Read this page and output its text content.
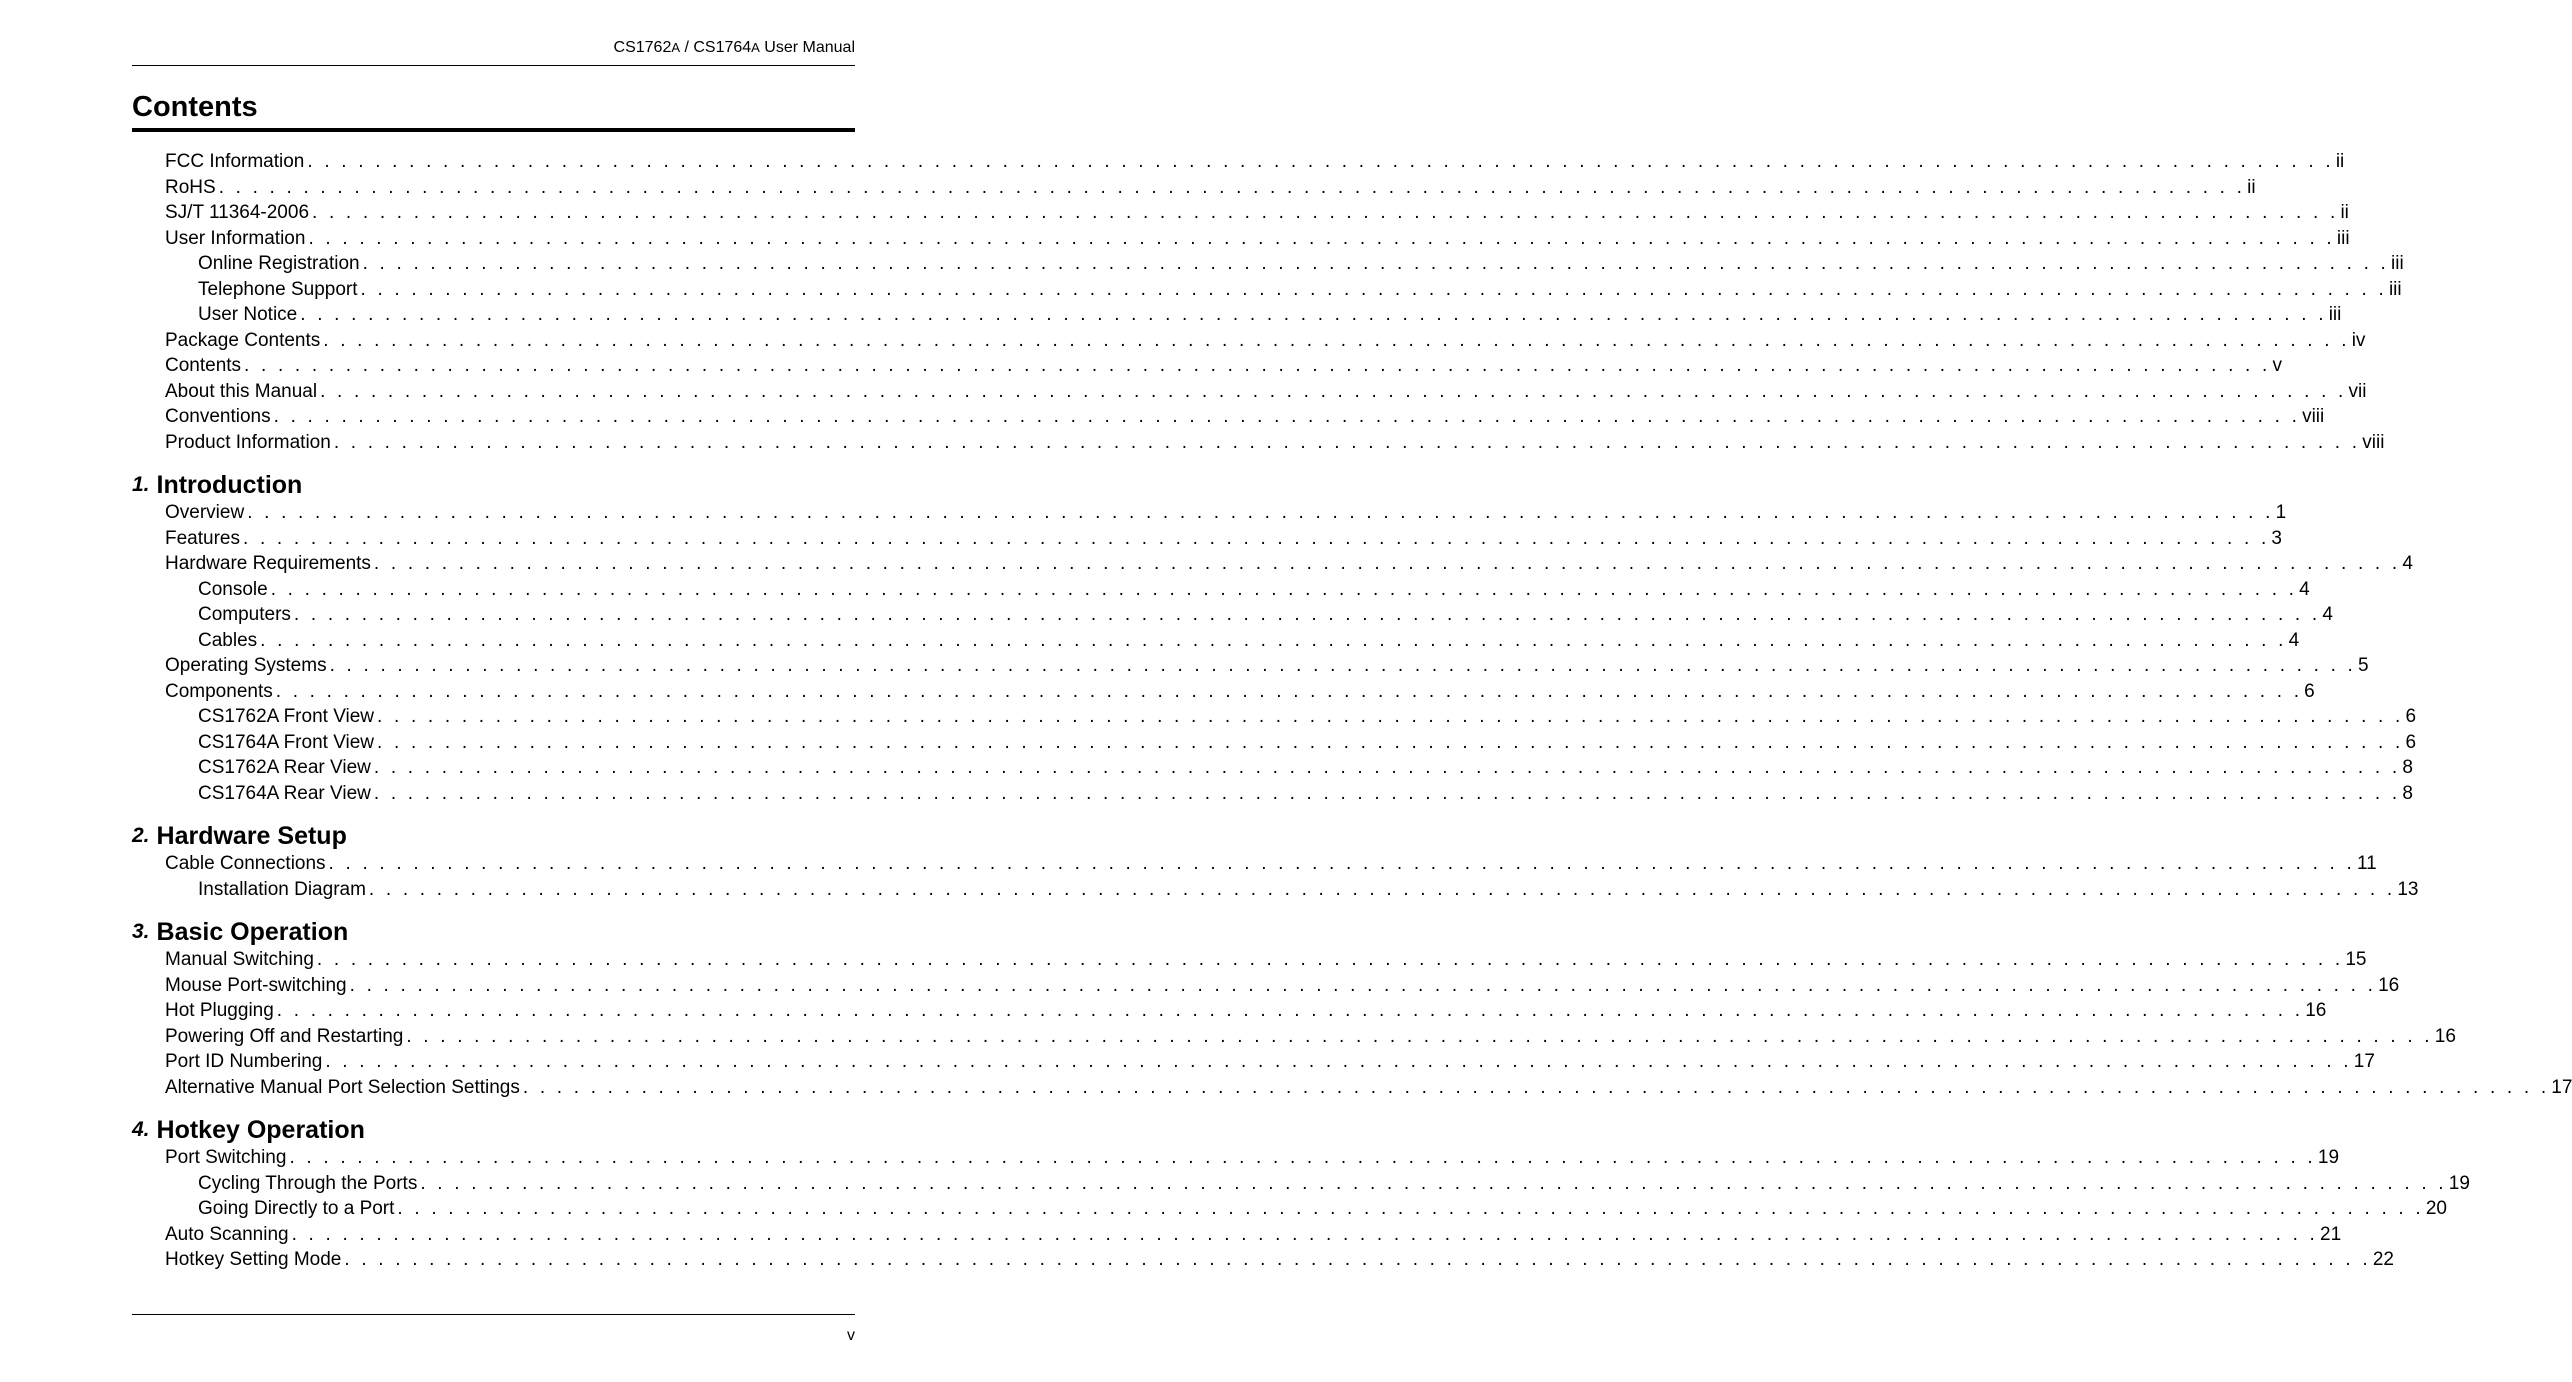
CS1762A / CS1764A User Manual
Contents
FCC Information . . . . . . . . . . . . . . . . . . . . . . . . . . . . . . . . . . . . . . . . . . . . . . . . . . . . . . . . . . . . . . . . . . . . . . . . . . . . . . . . . . . . . . . . . . . . . . . . . . . . . . . . . . . . . . . . . . . . . . . . ii
RoHS . . . . . . . . . . . . . . . . . . . . . . . . . . . . . . . . . . . . . . . . . . . . . . . . . . . . . . . . . . . . . . . . . . . . . . . . . . . . . . . . . . . . . . . . . . . . . . . . . . . . . . . . . . . . . . . . . . . . . . . . ii
SJ/T 11364-2006 . . . . . . . . . . . . . . . . . . . . . . . . . . . . . . . . . . . . . . . . . . . . . . . . . . . . . . . . . . . . . . . . . . . . . . . . . . . . . . . . . . . . . . . . . . . . . . . . . . . . . . . . . . . . . . . . . . . . . . . . ii
User Information . . . . . . . . . . . . . . . . . . . . . . . . . . . . . . . . . . . . . . . . . . . . . . . . . . . . . . . . . . . . . . . . . . . . . . . . . . . . . . . . . . . . . . . . . . . . . . . . . . . . . . . . . . . . . . . . . . . . . . . . iii
Online Registration . . . . . . . . . . . . . . . . . . . . . . . . . . . . . . . . . . . . . . . . . . . . . . . . . . . . . . . . . . . . . . . . . . . . . . . . . . . . . . . . . . . . . . . . . . . . . . . . . . . . . . . . . . . . . . . . . . . . . . . . iii
Telephone Support . . . . . . . . . . . . . . . . . . . . . . . . . . . . . . . . . . . . . . . . . . . . . . . . . . . . . . . . . . . . . . . . . . . . . . . . . . . . . . . . . . . . . . . . . . . . . . . . . . . . . . . . . . . . . . . . . . . . . . . . iii
User Notice . . . . . . . . . . . . . . . . . . . . . . . . . . . . . . . . . . . . . . . . . . . . . . . . . . . . . . . . . . . . . . . . . . . . . . . . . . . . . . . . . . . . . . . . . . . . . . . . . . . . . . . . . . . . . . . . . . . . . . . . iii
Package Contents . . . . . . . . . . . . . . . . . . . . . . . . . . . . . . . . . . . . . . . . . . . . . . . . . . . . . . . . . . . . . . . . . . . . . . . . . . . . . . . . . . . . . . . . . . . . . . . . . . . . . . . . . . . . . . . . . . . . . . . . iv
Contents . . . . . . . . . . . . . . . . . . . . . . . . . . . . . . . . . . . . . . . . . . . . . . . . . . . . . . . . . . . . . . . . . . . . . . . . . . . . . . . . . . . . . . . . . . . . . . . . . . . . . . . . . . . . . . . . . . . . . . . . v
About this Manual . . . . . . . . . . . . . . . . . . . . . . . . . . . . . . . . . . . . . . . . . . . . . . . . . . . . . . . . . . . . . . . . . . . . . . . . . . . . . . . . . . . . . . . . . . . . . . . . . . . . . . . . . . . . . . . . . . . . . . . . vii
Conventions . . . . . . . . . . . . . . . . . . . . . . . . . . . . . . . . . . . . . . . . . . . . . . . . . . . . . . . . . . . . . . . . . . . . . . . . . . . . . . . . . . . . . . . . . . . . . . . . . . . . . . . . . . . . . . . . . . . . . . . . viii
Product Information . . . . . . . . . . . . . . . . . . . . . . . . . . . . . . . . . . . . . . . . . . . . . . . . . . . . . . . . . . . . . . . . . . . . . . . . . . . . . . . . . . . . . . . . . . . . . . . . . . . . . . . . . . . . . . . . . . . . . . . . viii
1. Introduction
Overview . . . . . . . . . . . . . . . . . . . . . . . . . . . . . . . . . . . . . . . . . . . . . . . . . . . . . . . . . . . . . . . . . . . . . . . . . . . . . . . . . . . . . . . . . . . . . . . . . . . . . . . . . . . . . . . . . . . . . . . . 1
Features . . . . . . . . . . . . . . . . . . . . . . . . . . . . . . . . . . . . . . . . . . . . . . . . . . . . . . . . . . . . . . . . . . . . . . . . . . . . . . . . . . . . . . . . . . . . . . . . . . . . . . . . . . . . . . . . . . . . . . . . 3
Hardware Requirements . . . . . . . . . . . . . . . . . . . . . . . . . . . . . . . . . . . . . . . . . . . . . . . . . . . . . . . . . . . . . . . . . . . . . . . . . . . . . . . . . . . . . . . . . . . . . . . . . . . . . . . . . . . . . . . . . . . . . . . . 4
Console . . . . . . . . . . . . . . . . . . . . . . . . . . . . . . . . . . . . . . . . . . . . . . . . . . . . . . . . . . . . . . . . . . . . . . . . . . . . . . . . . . . . . . . . . . . . . . . . . . . . . . . . . . . . . . . . . . . . . . . . 4
Computers . . . . . . . . . . . . . . . . . . . . . . . . . . . . . . . . . . . . . . . . . . . . . . . . . . . . . . . . . . . . . . . . . . . . . . . . . . . . . . . . . . . . . . . . . . . . . . . . . . . . . . . . . . . . . . . . . . . . . . . . 4
Cables . . . . . . . . . . . . . . . . . . . . . . . . . . . . . . . . . . . . . . . . . . . . . . . . . . . . . . . . . . . . . . . . . . . . . . . . . . . . . . . . . . . . . . . . . . . . . . . . . . . . . . . . . . . . . . . . . . . . . . . . 4
Operating Systems . . . . . . . . . . . . . . . . . . . . . . . . . . . . . . . . . . . . . . . . . . . . . . . . . . . . . . . . . . . . . . . . . . . . . . . . . . . . . . . . . . . . . . . . . . . . . . . . . . . . . . . . . . . . . . . . . . . . . . . . 5
Components . . . . . . . . . . . . . . . . . . . . . . . . . . . . . . . . . . . . . . . . . . . . . . . . . . . . . . . . . . . . . . . . . . . . . . . . . . . . . . . . . . . . . . . . . . . . . . . . . . . . . . . . . . . . . . . . . . . . . . . . 6
CS1762A Front View . . . . . . . . . . . . . . . . . . . . . . . . . . . . . . . . . . . . . . . . . . . . . . . . . . . . . . . . . . . . . . . . . . . . . . . . . . . . . . . . . . . . . . . . . . . . . . . . . . . . . . . . . . . . . . . . . . . . . . . . 6
CS1764A Front View . . . . . . . . . . . . . . . . . . . . . . . . . . . . . . . . . . . . . . . . . . . . . . . . . . . . . . . . . . . . . . . . . . . . . . . . . . . . . . . . . . . . . . . . . . . . . . . . . . . . . . . . . . . . . . . . . . . . . . . . 6
CS1762A Rear View . . . . . . . . . . . . . . . . . . . . . . . . . . . . . . . . . . . . . . . . . . . . . . . . . . . . . . . . . . . . . . . . . . . . . . . . . . . . . . . . . . . . . . . . . . . . . . . . . . . . . . . . . . . . . . . . . . . . . . . . 8
CS1764A Rear View . . . . . . . . . . . . . . . . . . . . . . . . . . . . . . . . . . . . . . . . . . . . . . . . . . . . . . . . . . . . . . . . . . . . . . . . . . . . . . . . . . . . . . . . . . . . . . . . . . . . . . . . . . . . . . . . . . . . . . . . 8
2. Hardware Setup
Cable Connections . . . . . . . . . . . . . . . . . . . . . . . . . . . . . . . . . . . . . . . . . . . . . . . . . . . . . . . . . . . . . . . . . . . . . . . . . . . . . . . . . . . . . . . . . . . . . . . . . . . . . . . . . . . . . . . . . . . . . . . . 11
Installation Diagram . . . . . . . . . . . . . . . . . . . . . . . . . . . . . . . . . . . . . . . . . . . . . . . . . . . . . . . . . . . . . . . . . . . . . . . . . . . . . . . . . . . . . . . . . . . . . . . . . . . . . . . . . . . . . . . . . . . . . . . . 13
3. Basic Operation
Manual Switching . . . . . . . . . . . . . . . . . . . . . . . . . . . . . . . . . . . . . . . . . . . . . . . . . . . . . . . . . . . . . . . . . . . . . . . . . . . . . . . . . . . . . . . . . . . . . . . . . . . . . . . . . . . . . . . . . . . . . . . . 15
Mouse Port-switching . . . . . . . . . . . . . . . . . . . . . . . . . . . . . . . . . . . . . . . . . . . . . . . . . . . . . . . . . . . . . . . . . . . . . . . . . . . . . . . . . . . . . . . . . . . . . . . . . . . . . . . . . . . . . . . . . . . . . . . . 16
Hot Plugging . . . . . . . . . . . . . . . . . . . . . . . . . . . . . . . . . . . . . . . . . . . . . . . . . . . . . . . . . . . . . . . . . . . . . . . . . . . . . . . . . . . . . . . . . . . . . . . . . . . . . . . . . . . . . . . . . . . . . . . . 16
Powering Off and Restarting . . . . . . . . . . . . . . . . . . . . . . . . . . . . . . . . . . . . . . . . . . . . . . . . . . . . . . . . . . . . . . . . . . . . . . . . . . . . . . . . . . . . . . . . . . . . . . . . . . . . . . . . . . . . . . . . . . . . . . . . 16
Port ID Numbering . . . . . . . . . . . . . . . . . . . . . . . . . . . . . . . . . . . . . . . . . . . . . . . . . . . . . . . . . . . . . . . . . . . . . . . . . . . . . . . . . . . . . . . . . . . . . . . . . . . . . . . . . . . . . . . . . . . . . . . . 17
Alternative Manual Port Selection Settings . . . . . . . . . . . . . . . . . . . . . . . . . . . . . . . . . . . . . . . . . . . . . . . . . . . . . . . . . . . . . . . . . . . . . . . . . . . . . . . . . . . . . . . . . . . . . . . . . . . . . . . . . . . . . . . . . . . . . . . . 17
4. Hotkey Operation
Port Switching . . . . . . . . . . . . . . . . . . . . . . . . . . . . . . . . . . . . . . . . . . . . . . . . . . . . . . . . . . . . . . . . . . . . . . . . . . . . . . . . . . . . . . . . . . . . . . . . . . . . . . . . . . . . . . . . . . . . . . . . 19
Cycling Through the Ports . . . . . . . . . . . . . . . . . . . . . . . . . . . . . . . . . . . . . . . . . . . . . . . . . . . . . . . . . . . . . . . . . . . . . . . . . . . . . . . . . . . . . . . . . . . . . . . . . . . . . . . . . . . . . . . . . . . . . . . . 19
Going Directly to a Port . . . . . . . . . . . . . . . . . . . . . . . . . . . . . . . . . . . . . . . . . . . . . . . . . . . . . . . . . . . . . . . . . . . . . . . . . . . . . . . . . . . . . . . . . . . . . . . . . . . . . . . . . . . . . . . . . . . . . . . . 20
Auto Scanning . . . . . . . . . . . . . . . . . . . . . . . . . . . . . . . . . . . . . . . . . . . . . . . . . . . . . . . . . . . . . . . . . . . . . . . . . . . . . . . . . . . . . . . . . . . . . . . . . . . . . . . . . . . . . . . . . . . . . . . . 21
Hotkey Setting Mode . . . . . . . . . . . . . . . . . . . . . . . . . . . . . . . . . . . . . . . . . . . . . . . . . . . . . . . . . . . . . . . . . . . . . . . . . . . . . . . . . . . . . . . . . . . . . . . . . . . . . . . . . . . . . . . . . . . . . . . . 22
v
